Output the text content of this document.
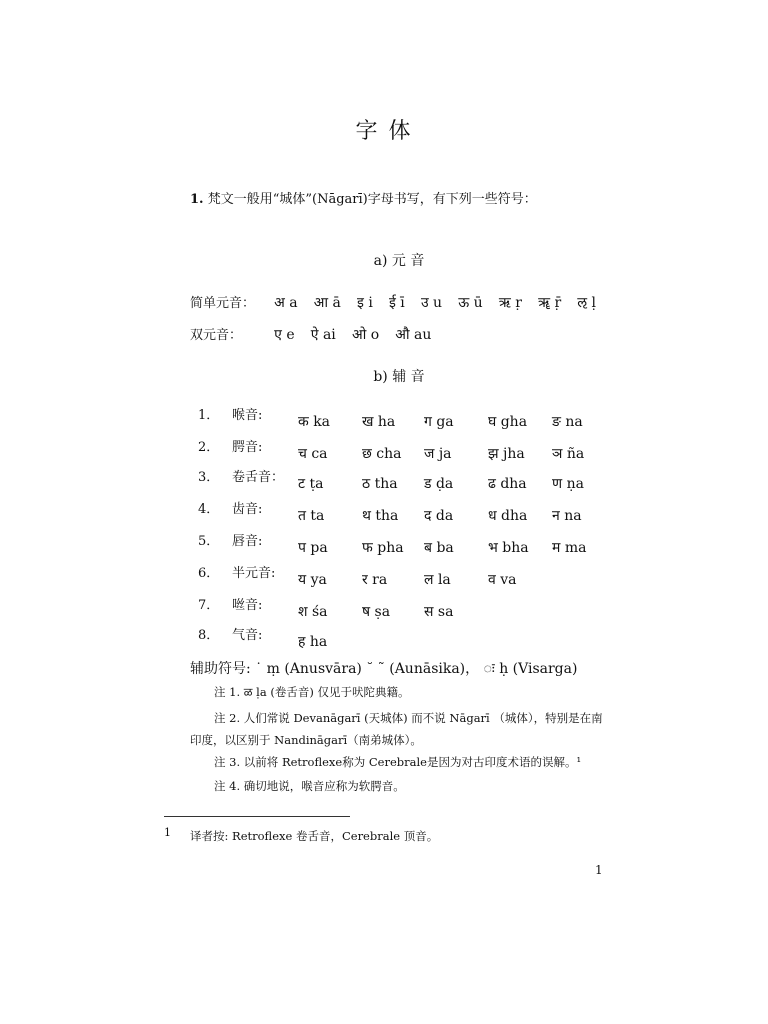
字 体
1. 梵文一般用“城体”(Nāgarī)字母书写，有下列一些符号：
a) 元 音
简单元音： अ a आ ā इ i ई ī उ u ऊ ū ऋ ṛ ॠ ṝ ऌ ḷ
双元音： ए e ऐ ai ओ o औ au
b) 辅 音
1． 喉音:	क ka ख ha ग ga घ gha ङ na
2． 腭音:	च ca छ cha ज ja	झ jha ञ ña
3． 卷舌音： ट ṭa	ठ tha ड ḍa ढ dha ण ṇa
4． 齿音:	त ta	थ tha द da ध dha न na
5． 唇音:	प pa फ pha ब ba भ bha म ma
6． 半元音: य ya	र ra	ल la	व va
7． 咝音:	श śa ष ṣa स sa
8． 气音:	ह ha
辅助符号: ˙ ṃ (Anusvāra) ˘ ˜ (Aunāsika)， ः ḥ (Visarga)
注 1. ळ ḷa (卷舌音) 仅见于吠陀典籍。
注 2. 人们常说 Devanāgarī (天城体) 而不说 Nāgarī （城体），特别是在南
印度，以区别于 Nandināgarī（南弟城体）。
注 3. 以前将 Retroflexe称为 Cerebrale是因为对古印度术语的误解。¹
注 4. 确切地说，喉音应称为软腭音。
1 译者按: Retroflexe 卷舌音，Cerebrale 顶音。
1
